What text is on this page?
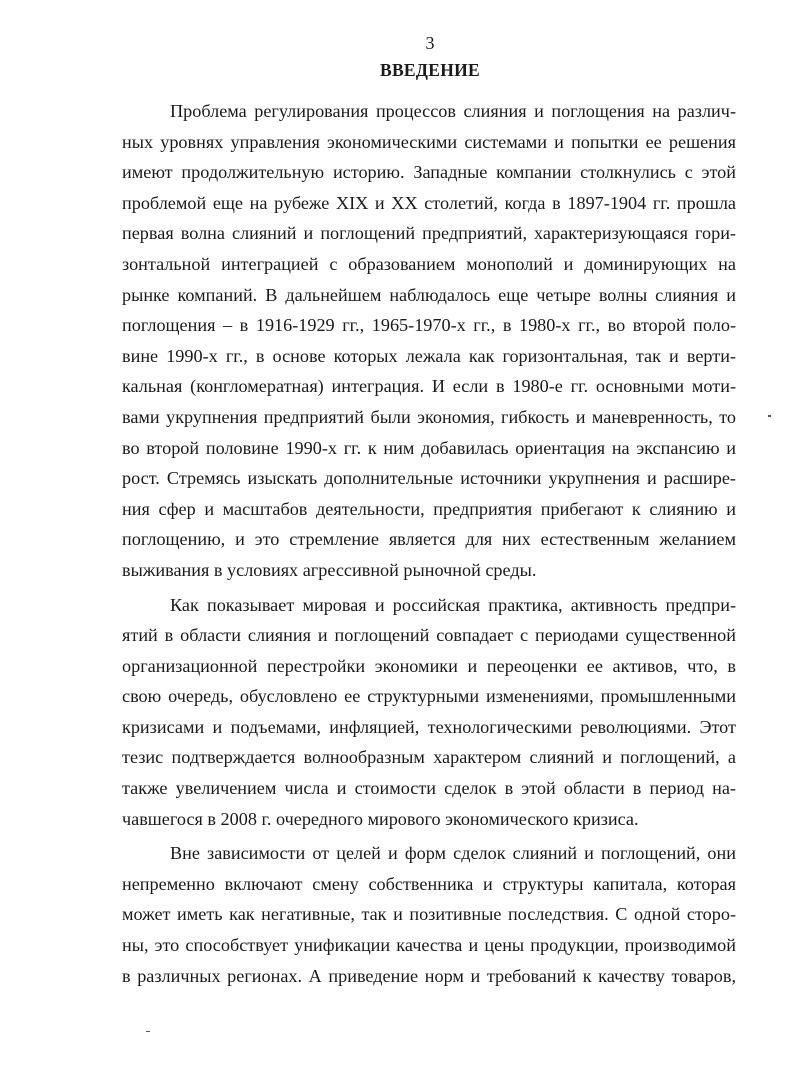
3
ВВЕДЕНИЕ
Проблема регулирования процессов слияния и поглощения на различ-
ных уровнях управления экономическими системами и попытки ее решения
имеют продолжительную историю. Западные компании столкнулись с этой
проблемой еще на рубеже XIX и XX столетий, когда в 1897-1904 гг. прошла
первая волна слияний и поглощений предприятий, характеризующаяся гори-
зонтальной интеграцией с образованием монополий и доминирующих на
рынке компаний. В дальнейшем наблюдалось еще четыре волны слияния и
поглощения – в 1916-1929 гг., 1965-1970-х гг., в 1980-х гг., во второй поло-
вине 1990-х гг., в основе которых лежала как горизонтальная, так и верти-
кальная (конгломератная) интеграция. И если в 1980-е гг. основными моти-
вами укрупнения предприятий были экономия, гибкость и маневренность, то
во второй половине 1990-х гг. к ним добавилась ориентация на экспансию и
рост. Стремясь изыскать дополнительные источники укрупнения и расшире-
ния сфер и масштабов деятельности, предприятия прибегают к слиянию и
поглощению, и это стремление является для них естественным желанием
выживания в условиях агрессивной рыночной среды.
Как показывает мировая и российская практика, активность предпри-
ятий в области слияния и поглощений совпадает с периодами существенной
организационной перестройки экономики и переоценки ее активов, что, в
свою очередь, обусловлено ее структурными изменениями, промышленными
кризисами и подъемами, инфляцией, технологическими революциями. Этот
тезис подтверждается волнообразным характером слияний и поглощений, а
также увеличением числа и стоимости сделок в этой области в период на-
чавшегося в 2008 г. очередного мирового экономического кризиса.
Вне зависимости от целей и форм сделок слияний и поглощений, они
непременно включают смену собственника и структуры капитала, которая
может иметь как негативные, так и позитивные последствия. С одной сторо-
ны, это способствует унификации качества и цены продукции, производимой
в различных регионах. А приведение норм и требований к качеству товаров,
